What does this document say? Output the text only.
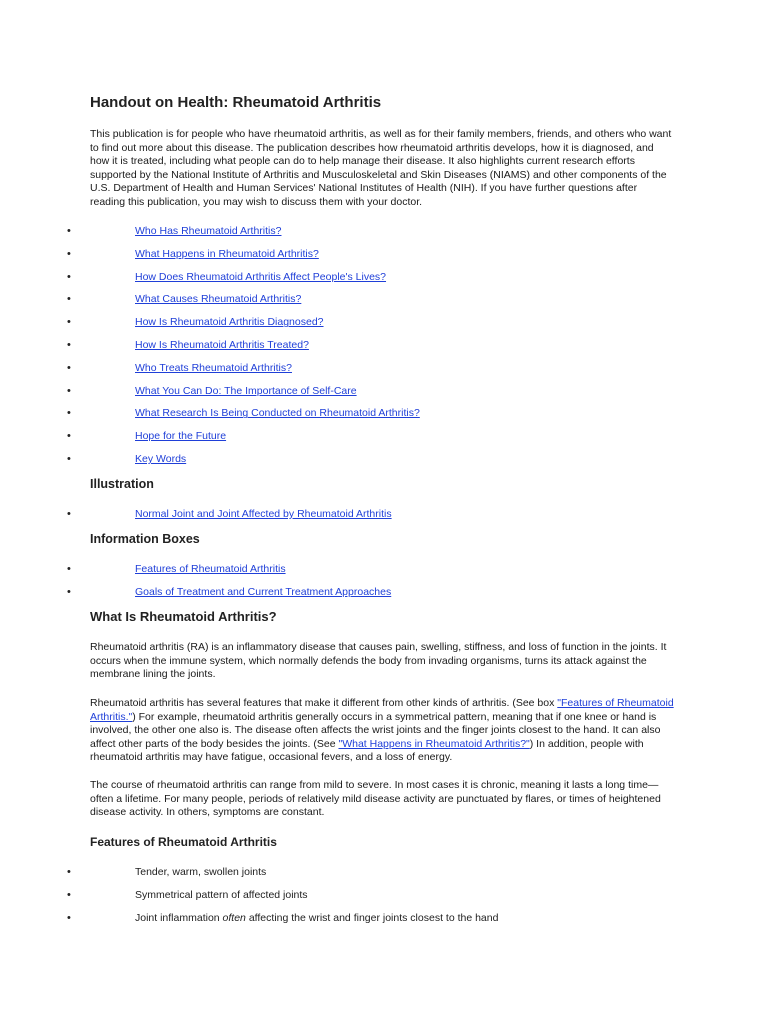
Handout on Health: Rheumatoid Arthritis

This publication is for people who have rheumatoid arthritis, as well as for their family members, friends, and others who want to find out more about this disease. The publication describes how rheumatoid arthritis develops, how it is diagnosed, and how it is treated, including what people can do to help manage their disease. It also highlights current research efforts supported by the National Institute of Arthritis and Musculoskeletal and Skin Diseases (NIAMS) and other components of the U.S. Department of Health and Human Services' National Institutes of Health (NIH). If you have further questions after reading this publication, you may wish to discuss them with your doctor.

•	Who Has Rheumatoid Arthritis?
•	What Happens in Rheumatoid Arthritis?
•	How Does Rheumatoid Arthritis Affect People's Lives?
•	What Causes Rheumatoid Arthritis?
•	How Is Rheumatoid Arthritis Diagnosed?
•	How Is Rheumatoid Arthritis Treated?
•	Who Treats Rheumatoid Arthritis?
•	What You Can Do: The Importance of Self-Care
•	What Research Is Being Conducted on Rheumatoid Arthritis?
•	Hope for the Future
•	Key Words
Illustration
•	Normal Joint and Joint Affected by Rheumatoid Arthritis
Information Boxes
•	Features of Rheumatoid Arthritis
•	Goals of Treatment and Current Treatment Approaches
What Is Rheumatoid Arthritis?

Rheumatoid arthritis (RA) is an inflammatory disease that causes pain, swelling, stiffness, and loss of function in the joints. It occurs when the immune system, which normally defends the body from invading organisms, turns its attack against the membrane lining the joints.

Rheumatoid arthritis has several features that make it different from other kinds of arthritis. (See box "Features of Rheumatoid Arthritis.") For example, rheumatoid arthritis generally occurs in a symmetrical pattern, meaning that if one knee or hand is involved, the other one also is. The disease often affects the wrist joints and the finger joints closest to the hand. It can also affect other parts of the body besides the joints. (See "What Happens in Rheumatoid Arthritis?") In addition, people with rheumatoid arthritis may have fatigue, occasional fevers, and a loss of energy.

The course of rheumatoid arthritis can range from mild to severe. In most cases it is chronic, meaning it lasts a long time—often a lifetime. For many people, periods of relatively mild disease activity are punctuated by flares, or times of heightened disease activity. In others, symptoms are constant.

Features of Rheumatoid Arthritis
•	Tender, warm, swollen joints
•	Symmetrical pattern of affected joints
•	Joint inflammation often affecting the wrist and finger joints closest to the hand
